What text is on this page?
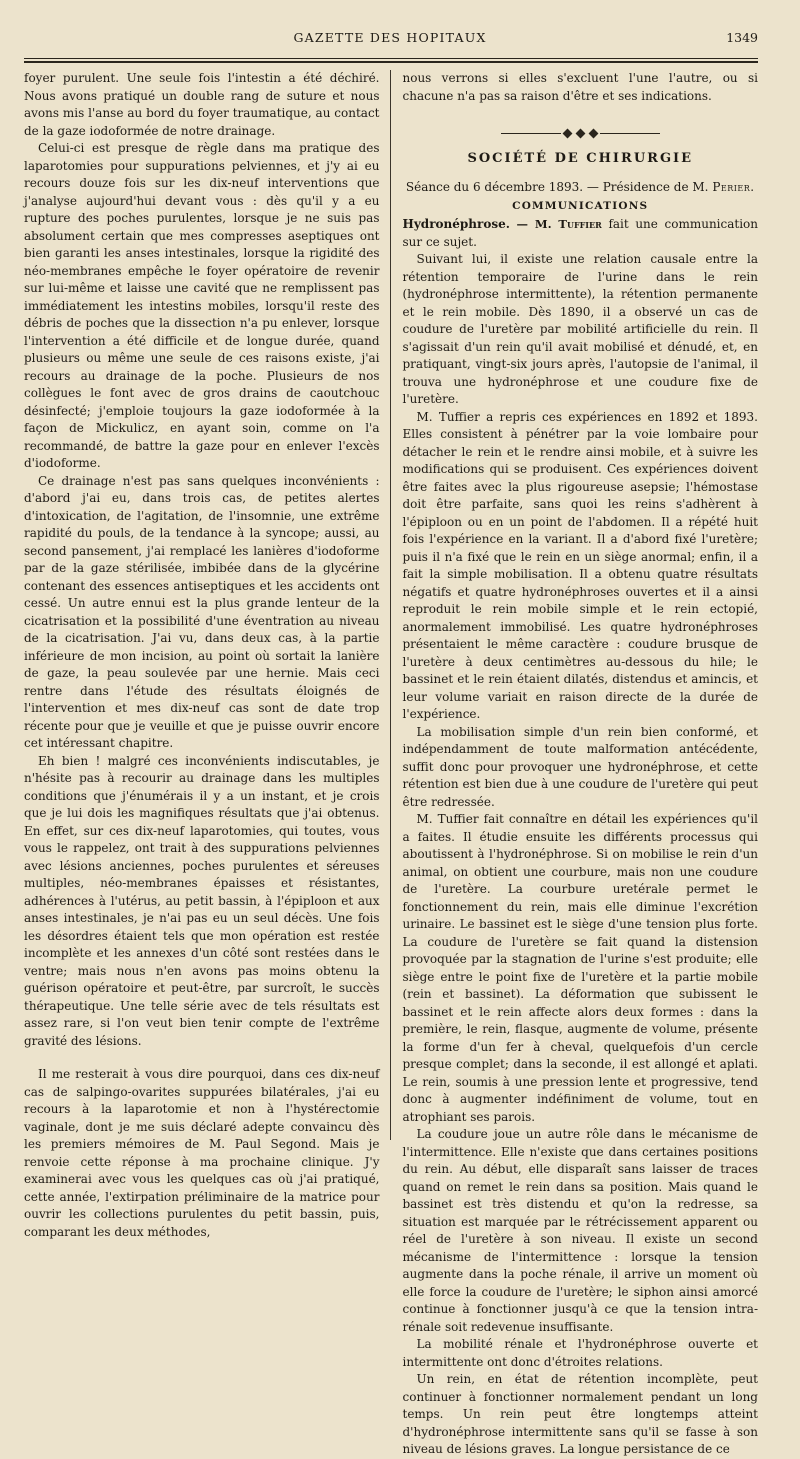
GAZETTE DES HOPITAUX	1349

foyer purulent. Une seule fois l'intestin a été déchiré. Nous avons pratiqué un double rang de suture et nous avons mis l'anse au bord du foyer traumatique, au contact de la gaze iodoformée de notre drainage.

Celui-ci est presque de règle dans ma pratique des laparotomies pour suppurations pelviennes, et j'y ai eu recours douze fois sur les dix-neuf interventions que j'analyse aujourd'hui devant vous : dès qu'il y a eu rupture des poches purulentes, lorsque je ne suis pas absolument certain que mes compresses aseptiques ont bien garanti les anses intestinales, lorsque la rigidité des néo-membranes empêche le foyer opératoire de revenir sur lui-même et laisse une cavité que ne remplissent pas immédiatement les intestins mobiles, lorsqu'il reste des débris de poches que la dissection n'a pu enlever, lorsque l'intervention a été difficile et de longue durée, quand plusieurs ou même une seule de ces raisons existe, j'ai recours au drainage de la poche. Plusieurs de nos collègues le font avec de gros drains de caoutchouc désinfecté; j'emploie toujours la gaze iodoformée à la façon de Mickulicz, en ayant soin, comme on l'a recommandé, de battre la gaze pour en enlever l'excès d'iodoforme.

Ce drainage n'est pas sans quelques inconvénients : d'abord j'ai eu, dans trois cas, de petites alertes d'intoxication, de l'agitation, de l'insomnie, une extrême rapidité du pouls, de la tendance à la syncope; aussi, au second pansement, j'ai remplacé les lanières d'iodoforme par de la gaze stérilisée, imbibée dans de la glycérine contenant des essences antiseptiques et les accidents ont cessé. Un autre ennui est la plus grande lenteur de la cicatrisation et la possibilité d'une éventration au niveau de la cicatrisation. J'ai vu, dans deux cas, à la partie inférieure de mon incision, au point où sortait la lanière de gaze, la peau soulevée par une hernie. Mais ceci rentre dans l'étude des résultats éloignés de l'intervention et mes dix-neuf cas sont de date trop récente pour que je veuille et que je puisse ouvrir encore cet intéressant chapitre.

Eh bien ! malgré ces inconvénients indiscutables, je n'hésite pas à recourir au drainage dans les multiples conditions que j'énumérais il y a un instant, et je crois que je lui dois les magnifiques résultats que j'ai obtenus. En effet, sur ces dix-neuf laparotomies, qui toutes, vous vous le rappelez, ont trait à des suppurations pelviennes avec lésions anciennes, poches purulentes et séreuses multiples, néo-membranes épaisses et résistantes, adhérences à l'utérus, au petit bassin, à l'épiploon et aux anses intestinales, je n'ai pas eu un seul décès. Une fois les désordres étaient tels que mon opération est restée incomplète et les annexes d'un côté sont restées dans le ventre; mais nous n'en avons pas moins obtenu la guérison opératoire et peut-être, par surcroît, le succès thérapeutique. Une telle série avec de tels résultats est assez rare, si l'on veut bien tenir compte de l'extrême gravité des lésions.

Il me resterait à vous dire pourquoi, dans ces dix-neuf cas de salpingo-ovarites suppurées bilatérales, j'ai eu recours à la laparotomie et non à l'hystérectomie vaginale, dont je me suis déclaré adepte convaincu dès les premiers mémoires de M. Paul Segond. Mais je renvoie cette réponse à ma prochaine clinique. J'y examinerai avec vous les quelques cas où j'ai pratiqué, cette année, l'extirpation préliminaire de la matrice pour ouvrir les collections purulentes du petit bassin, puis, comparant les deux méthodes,

nous verrons si elles s'excluent l'une l'autre, ou si chacune n'a pas sa raison d'être et ses indications.

SOCIÉTÉ DE CHIRURGIE
Séance du 6 décembre 1893. — Présidence de M. Perier.
COMMUNICATIONS

Hydronéphrose. — M. Tuffier fait une communication sur ce sujet.

Suivant lui, il existe une relation causale entre la rétention temporaire de l'urine dans le rein (hydronéphrose intermittente), la rétention permanente et le rein mobile. Dès 1890, il a observé un cas de coudure de l'uretère par mobilité artificielle du rein. Il s'agissait d'un rein qu'il avait mobilisé et dénudé, et, en pratiquant, vingt-six jours après, l'autopsie de l'animal, il trouva une hydronéphrose et une coudure fixe de l'uretère.

M. Tuffier a repris ces expériences en 1892 et 1893. Elles consistent à pénétrer par la voie lombaire pour détacher le rein et le rendre ainsi mobile, et à suivre les modifications qui se produisent. Ces expériences doivent être faites avec la plus rigoureuse asepsie; l'hémostase doit être parfaite, sans quoi les reins s'adhèrent à l'épiploon ou en un point de l'abdomen. Il a répété huit fois l'expérience en la variant. Il a d'abord fixé l'uretère; puis il n'a fixé que le rein en un siège anormal; enfin, il a fait la simple mobilisation. Il a obtenu quatre résultats négatifs et quatre hydronéphroses ouvertes et il a ainsi reproduit le rein mobile simple et le rein ectopié, anormalement immobilisé. Les quatre hydronéphroses présentaient le même caractère : coudure brusque de l'uretère à deux centimètres au-dessous du hile; le bassinet et le rein étaient dilatés, distendus et amincis, et leur volume variait en raison directe de la durée de l'expérience.

La mobilisation simple d'un rein bien conformé, et indépendamment de toute malformation antécédente, suffit donc pour provoquer une hydronéphrose, et cette rétention est bien due à une coudure de l'uretère qui peut être redressée.

M. Tuffier fait connaître en détail les expériences qu'il a faites. Il étudie ensuite les différents processus qui aboutissent à l'hydronéphrose. Si on mobilise le rein d'un animal, on obtient une courbure, mais non une coudure de l'uretère. La courbure uretérale permet le fonctionnement du rein, mais elle diminue l'excrétion urinaire. Le bassinet est le siège d'une tension plus forte. La coudure de l'uretère se fait quand la distension provoquée par la stagnation de l'urine s'est produite; elle siège entre le point fixe de l'uretère et la partie mobile (rein et bassinet). La déformation que subissent le bassinet et le rein affecte alors deux formes : dans la première, le rein, flasque, augmente de volume, présente la forme d'un fer à cheval, quelquefois d'un cercle presque complet; dans la seconde, il est allongé et aplati. Le rein, soumis à une pression lente et progressive, tend donc à augmenter indéfiniment de volume, tout en atrophiant ses parois.

La coudure joue un autre rôle dans le mécanisme de l'intermittence. Elle n'existe que dans certaines positions du rein. Au début, elle disparaît sans laisser de traces quand on remet le rein dans sa position. Mais quand le bassinet est très distendu et qu'on la redresse, sa situation est marquée par le rétrécissement apparent ou réel de l'uretère à son niveau. Il existe un second mécanisme de l'intermittence : lorsque la tension augmente dans la poche rénale, il arrive un moment où elle force la coudure de l'uretère; le siphon ainsi amorcé continue à fonctionner jusqu'à ce que la tension intra-rénale soit redevenue insuffisante.

La mobilité rénale et l'hydronéphrose ouverte et intermittente ont donc d'étroites relations.

Un rein, en état de rétention incomplète, peut continuer à fonctionner normalement pendant un long temps. Un rein peut être longtemps atteint d'hydronéphrose intermittente sans qu'il se fasse à son niveau de lésions graves. La longue persistance de ce
